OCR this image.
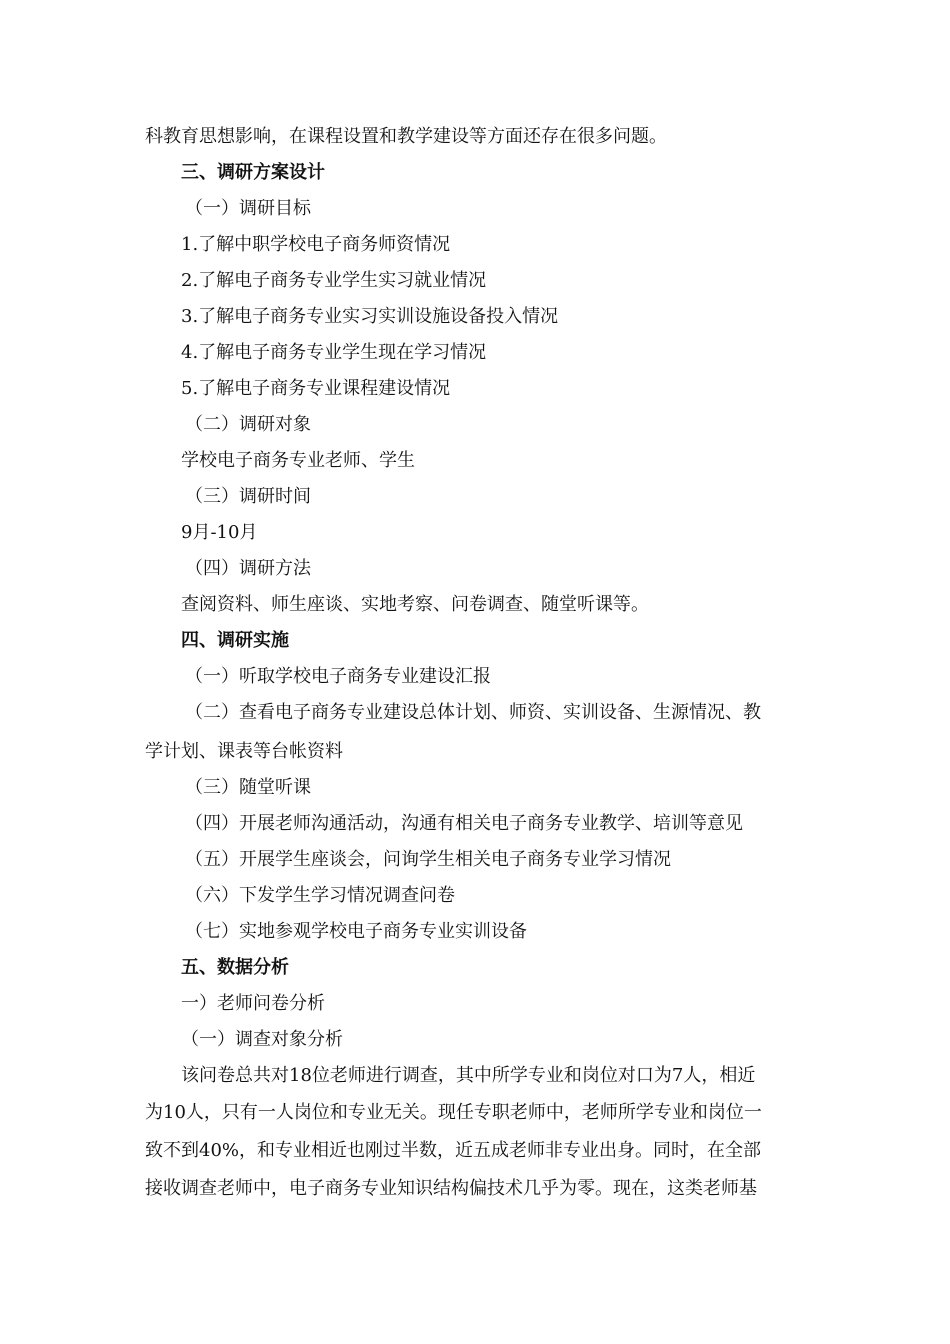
科教育思想影响，在课程设置和教学建设等方面还存在很多问题。
三、调研方案设计
（一）调研目标
1.了解中职学校电子商务师资情况
2.了解电子商务专业学生实习就业情况
3.了解电子商务专业实习实训设施设备投入情况
4.了解电子商务专业学生现在学习情况
5.了解电子商务专业课程建设情况
（二）调研对象
学校电子商务专业老师、学生
（三）调研时间
9月-10月
（四）调研方法
查阅资料、师生座谈、实地考察、问卷调查、随堂听课等。
四、调研实施
（一）听取学校电子商务专业建设汇报
（二）查看电子商务专业建设总体计划、师资、实训设备、生源情况、教
学计划、课表等台帐资料
（三）随堂听课
（四）开展老师沟通活动，沟通有相关电子商务专业教学、培训等意见
（五）开展学生座谈会，问询学生相关电子商务专业学习情况
（六）下发学生学习情况调查问卷
（七）实地参观学校电子商务专业实训设备
五、数据分析
一）老师问卷分析
（一）调查对象分析
该问卷总共对18位老师进行调查，其中所学专业和岗位对口为7人，相近
为10人，只有一人岗位和专业无关。现任专职老师中，老师所学专业和岗位一
致不到40%，和专业相近也刚过半数，近五成老师非专业出身。同时，在全部
接收调查老师中，电子商务专业知识结构偏技术几乎为零。现在，这类老师基
